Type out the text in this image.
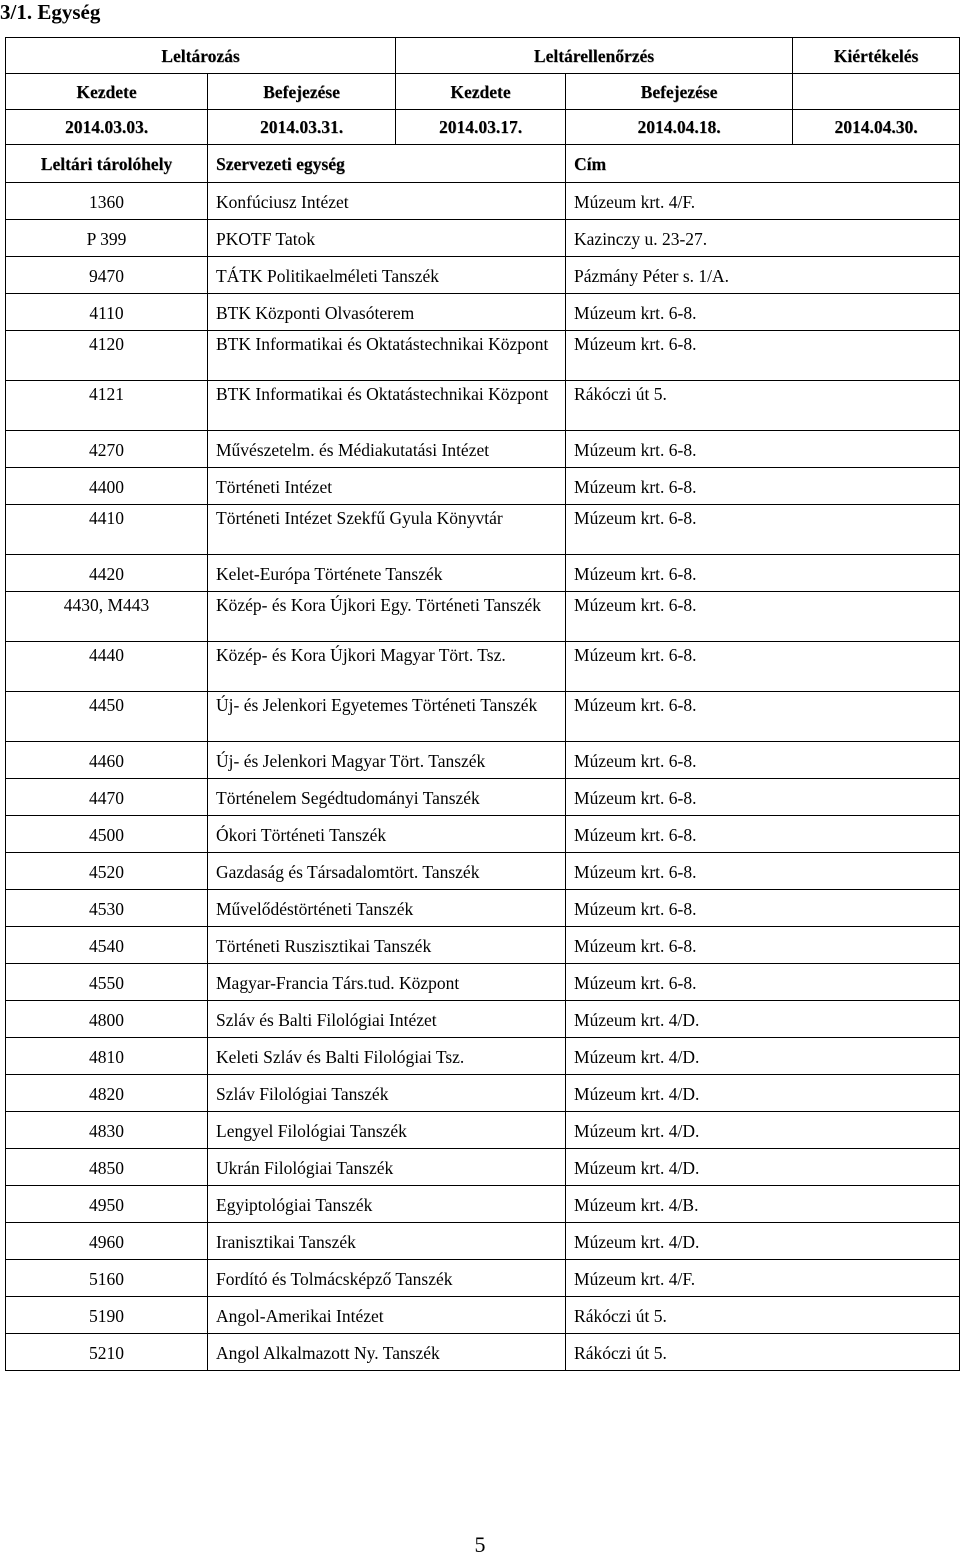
3/1. Egység
Leltározás		Leltárellenőrzés		Kiértékelés
Kezdete	Befejezése	Kezdete	Befejezése	
2014.03.03.	2014.03.31.	2014.03.17.	2014.04.18.	2014.04.30.
Leltári tárolóhely	Szervezeti egység		Cím	
1360	Konfúciusz Intézet		Múzeum krt. 4/F.	
P 399	PKOTF Tatok		Kazinczy u. 23-27.	
9470	TÁTK Politikaelméleti Tanszék		Pázmány Péter s. 1/A.	
4110	BTK Központi Olvasóterem		Múzeum krt. 6-8.	
4120	BTK Informatikai és Oktatástechnikai Központ		Múzeum krt. 6-8.	
4121	BTK Informatikai és Oktatástechnikai Központ		Rákóczi út 5.	
4270	Művészetelm. és Médiakutatási Intézet		Múzeum krt. 6-8.	
4400	Történeti Intézet		Múzeum krt. 6-8.	
4410	Történeti Intézet Szekfű Gyula Könyvtár		Múzeum krt. 6-8.	
4420	Kelet-Európa Története Tanszék		Múzeum krt. 6-8.	
4430, M443	Közép- és Kora Újkori Egy. Történeti Tanszék		Múzeum krt. 6-8.	
4440	Közép- és Kora Újkori Magyar Tört. Tsz.		Múzeum krt. 6-8.	
4450	Új- és Jelenkori Egyetemes Történeti Tanszék		Múzeum krt. 6-8.	
4460	Új- és Jelenkori Magyar Tört. Tanszék		Múzeum krt. 6-8.	
4470	Történelem Segédtudományi Tanszék		Múzeum krt. 6-8.	
4500	Ókori Történeti Tanszék		Múzeum krt. 6-8.	
4520	Gazdaság és Társadalomtört. Tanszék		Múzeum krt. 6-8.	
4530	Művelődéstörténeti Tanszék		Múzeum krt. 6-8.	
4540	Történeti Ruszisztikai Tanszék		Múzeum krt. 6-8.	
4550	Magyar-Francia Társ.tud. Központ		Múzeum krt. 6-8.	
4800	Szláv és Balti Filológiai Intézet		Múzeum krt. 4/D.	
4810	Keleti Szláv és Balti Filológiai Tsz.		Múzeum krt. 4/D.	
4820	Szláv Filológiai Tanszék		Múzeum krt. 4/D.	
4830	Lengyel Filológiai Tanszék		Múzeum krt. 4/D.	
4850	Ukrán Filológiai Tanszék		Múzeum krt. 4/D.	
4950	Egyiptológiai Tanszék		Múzeum krt. 4/B.	
4960	Iranisztikai Tanszék		Múzeum krt. 4/D.	
5160	Fordító és Tolmácsképző Tanszék		Múzeum krt. 4/F.	
5190	Angol-Amerikai Intézet		Rákóczi út 5.	
5210	Angol Alkalmazott Ny. Tanszék		Rákóczi út 5.	
5
